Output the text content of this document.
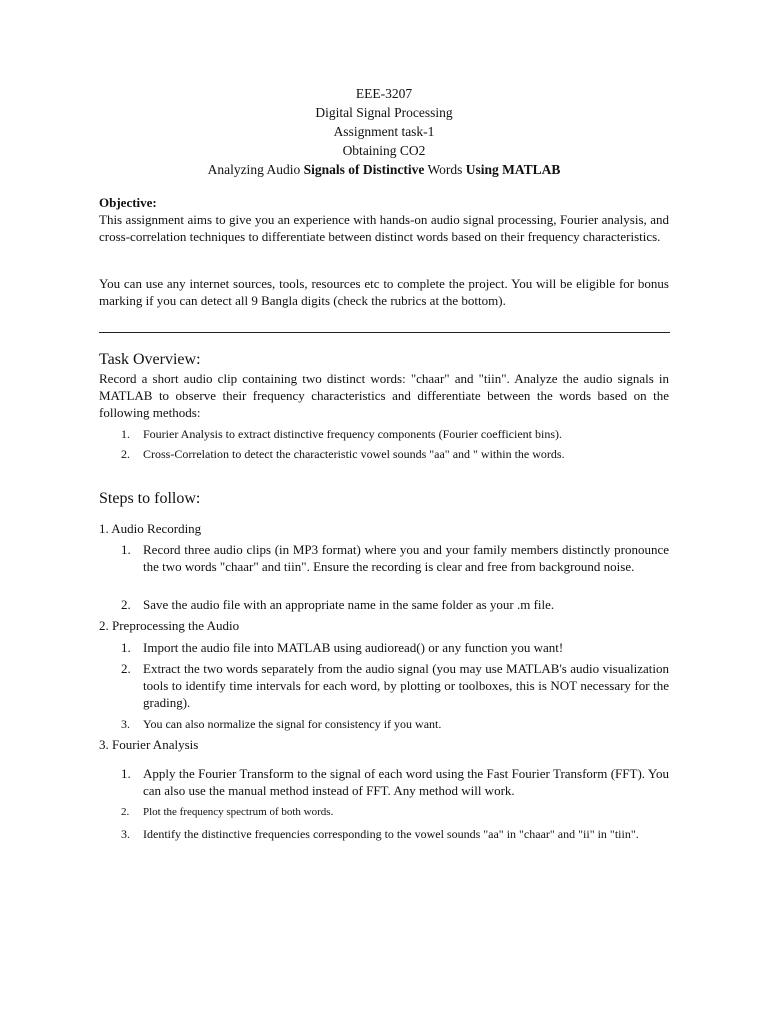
EEE-3207
Digital Signal Processing
Assignment task-1
Obtaining CO2
Analyzing Audio Signals of Distinctive Words Using MATLAB
Objective:
This assignment aims to give you an experience with hands-on audio signal processing, Fourier analysis, and cross-correlation techniques to differentiate between distinct words based on their frequency characteristics.
You can use any internet sources, tools, resources etc to complete the project. You will be eligible for bonus marking if you can detect all 9 Bangla digits (check the rubrics at the bottom).
Task Overview:
Record a short audio clip containing two distinct words: "chaar" and "tiin". Analyze the audio signals in MATLAB to observe their frequency characteristics and differentiate between the words based on the following methods:
1.	Fourier Analysis to extract distinctive frequency components (Fourier coefficient bins).
2.	Cross-Correlation to detect the characteristic vowel sounds "aa" and " within the words.
Steps to follow:
1. Audio Recording
1. Record three audio clips (in MP3 format) where you and your family members distinctly pronounce the two words "chaar" and tiin". Ensure the recording is clear and free from background noise.
2. Save the audio file with an appropriate name in the same folder as your .m file.
2. Preprocessing the Audio
1. Import the audio file into MATLAB using audioread() or any function you want!
2. Extract the two words separately from the audio signal (you may use MATLAB's audio visualization tools to identify time intervals for each word, by plotting or toolboxes, this is NOT necessary for the grading).
3.	You can also normalize the signal for consistency if you want.
3. Fourier Analysis
1. Apply the Fourier Transform to the signal of each word using the Fast Fourier Transform (FFT). You can also use the manual method instead of FFT. Any method will work.
2.	Plot the frequency spectrum of both words.
3.	Identify the distinctive frequencies corresponding to the vowel sounds "aa" in "chaar" and "ii" in "tiin".
